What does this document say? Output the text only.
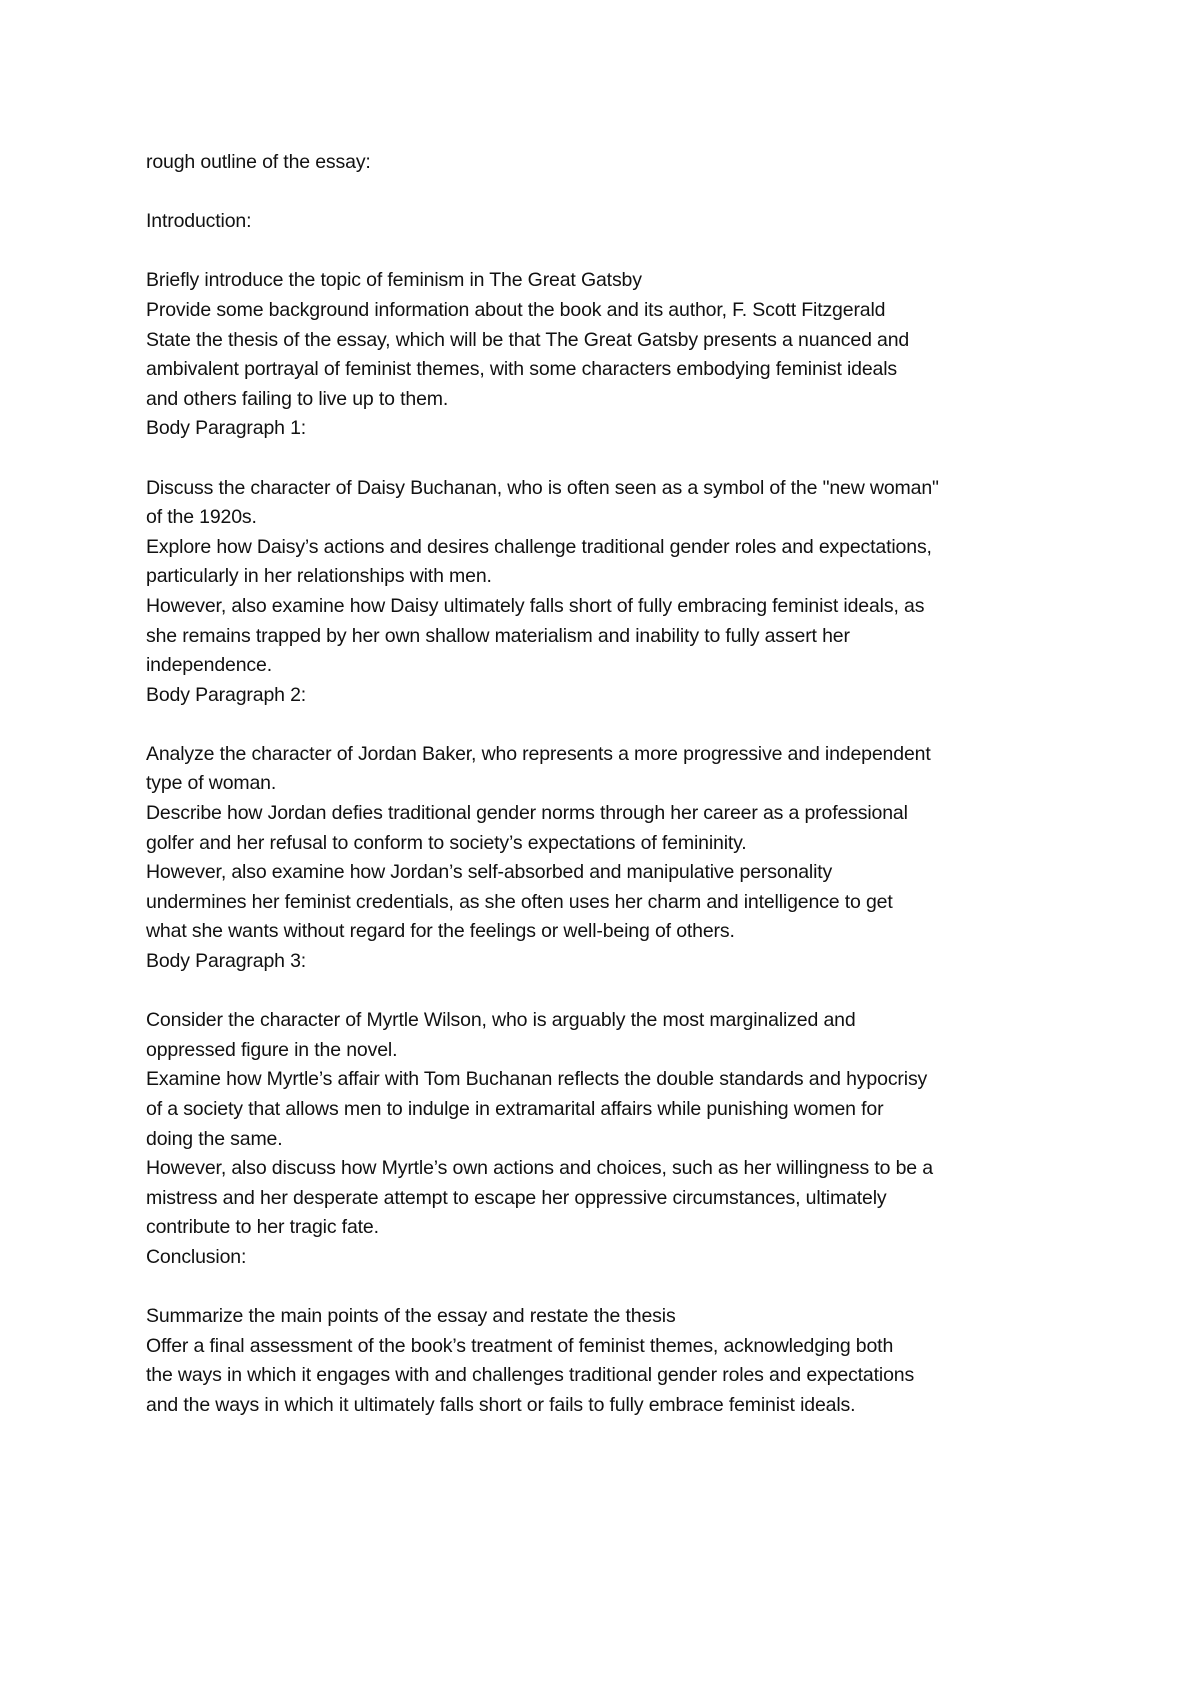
rough outline of the essay:

Introduction:

Briefly introduce the topic of feminism in The Great Gatsby

Provide some background information about the book and its author, F. Scott Fitzgerald

State the thesis of the essay, which will be that The Great Gatsby presents a nuanced and

ambivalent portrayal of feminist themes, with some characters embodying feminist ideals

and others failing to live up to them.

Body Paragraph 1:

Discuss the character of Daisy Buchanan, who is often seen as a symbol of the "new woman"

of the 1920s.

Explore how Daisy’s actions and desires challenge traditional gender roles and expectations,

particularly in her relationships with men.

However, also examine how Daisy ultimately falls short of fully embracing feminist ideals, as

she remains trapped by her own shallow materialism and inability to fully assert her

independence.

Body Paragraph 2:

Analyze the character of Jordan Baker, who represents a more progressive and independent

type of woman.

Describe how Jordan defies traditional gender norms through her career as a professional

golfer and her refusal to conform to society’s expectations of femininity.

However, also examine how Jordan’s self-absorbed and manipulative personality

undermines her feminist credentials, as she often uses her charm and intelligence to get

what she wants without regard for the feelings or well-being of others.

Body Paragraph 3:

Consider the character of Myrtle Wilson, who is arguably the most marginalized and

oppressed figure in the novel.

Examine how Myrtle’s affair with Tom Buchanan reflects the double standards and hypocrisy

of a society that allows men to indulge in extramarital affairs while punishing women for

doing the same.

However, also discuss how Myrtle’s own actions and choices, such as her willingness to be a

mistress and her desperate attempt to escape her oppressive circumstances, ultimately

contribute to her tragic fate.

Conclusion:

Summarize the main points of the essay and restate the thesis

Offer a final assessment of the book’s treatment of feminist themes, acknowledging both

the ways in which it engages with and challenges traditional gender roles and expectations

and the ways in which it ultimately falls short or fails to fully embrace feminist ideals.
